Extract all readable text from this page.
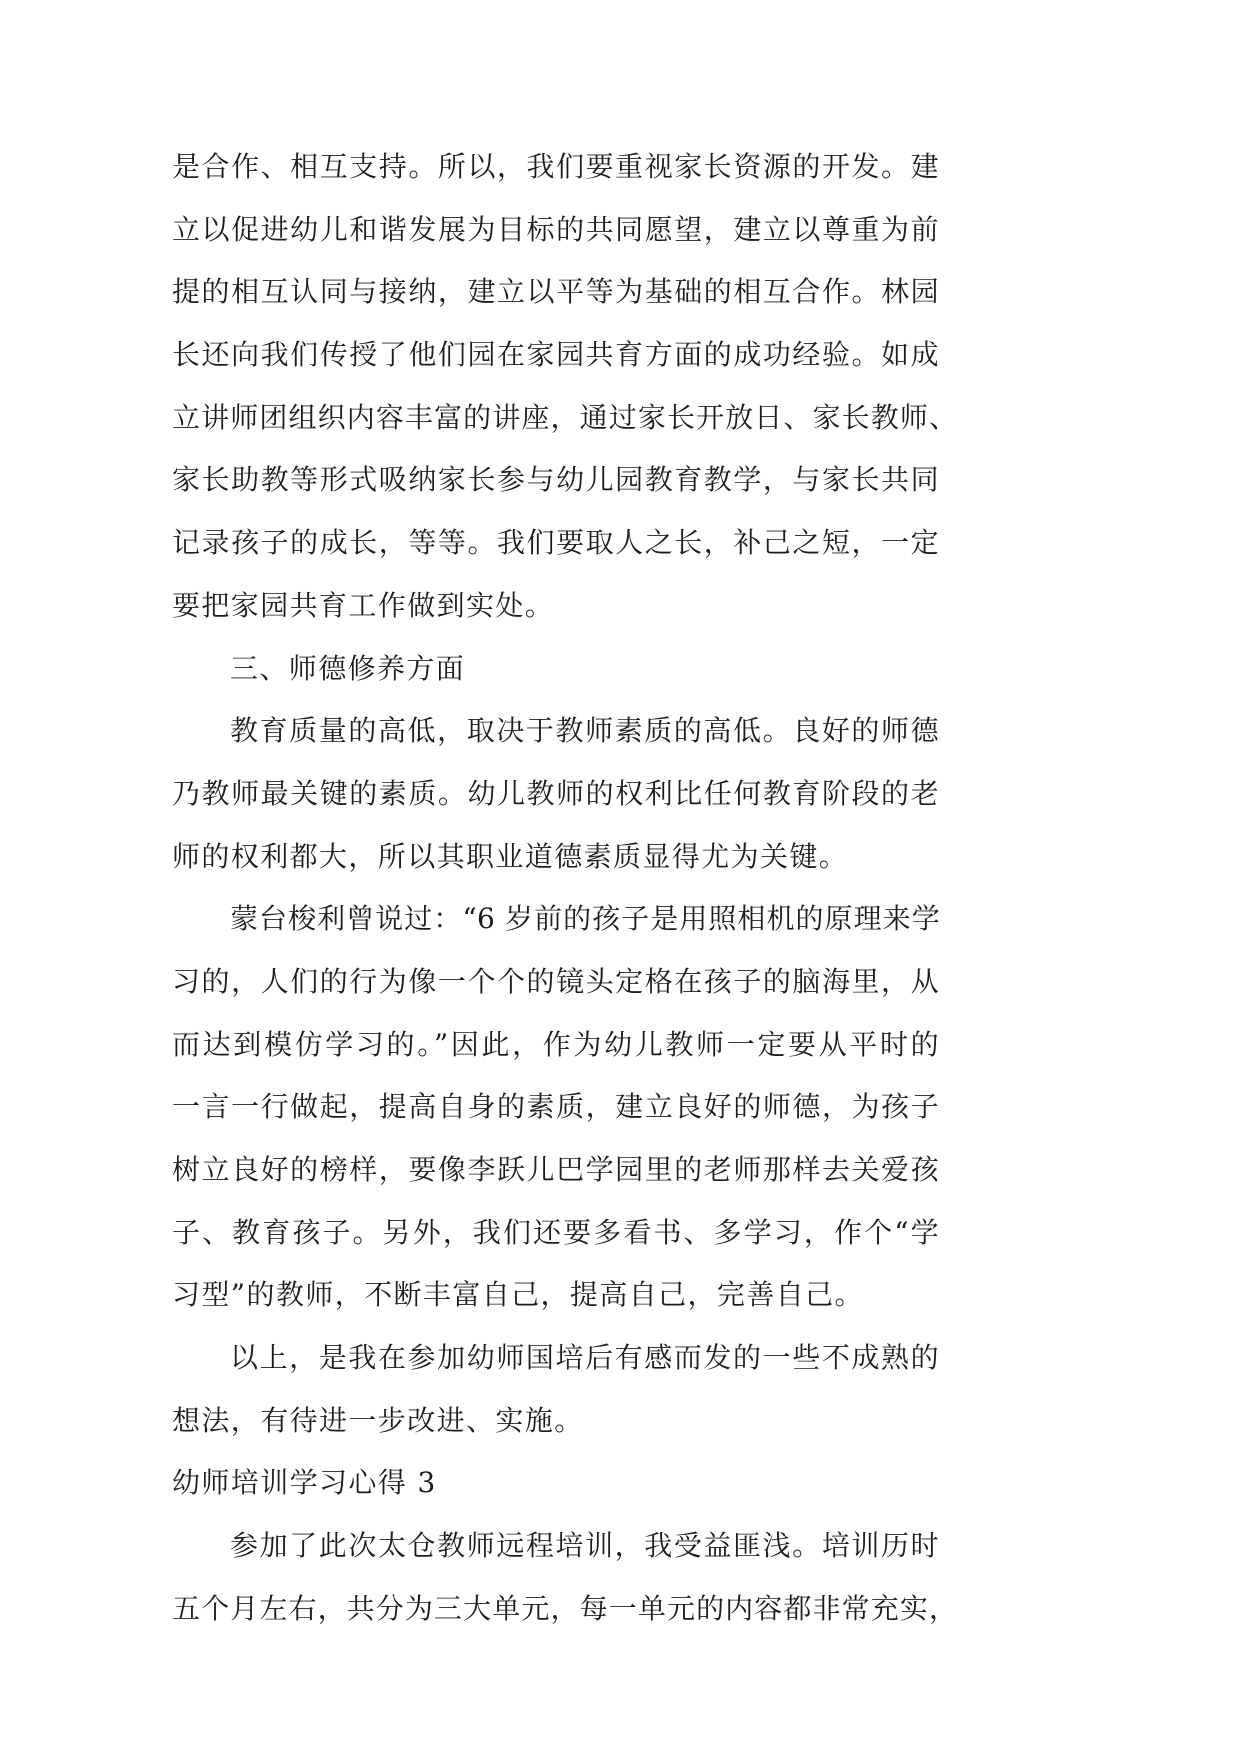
是合作、相互支持。所以，我们要重视家长资源的开发。建
立以促进幼儿和谐发展为目标的共同愿望，建立以尊重为前
提的相互认同与接纳，建立以平等为基础的相互合作。林园
长还向我们传授了他们园在家园共育方面的成功经验。如成
立讲师团组织内容丰富的讲座，通过家长开放日、家长教师、
家长助教等形式吸纳家长参与幼儿园教育教学，与家长共同
记录孩子的成长，等等。我们要取人之长，补己之短，一定
要把家园共育工作做到实处。
三、师德修养方面
教育质量的高低，取决于教师素质的高低。良好的师德
乃教师最关键的素质。幼儿教师的权利比任何教育阶段的老
师的权利都大，所以其职业道德素质显得尤为关键。
蒙台梭利曾说过：“6 岁前的孩子是用照相机的原理来学
习的，人们的行为像一个个的镜头定格在孩子的脑海里，从
而达到模仿学习的。”因此，作为幼儿教师一定要从平时的
一言一行做起，提高自身的素质，建立良好的师德，为孩子
树立良好的榜样，要像李跃儿巴学园里的老师那样去关爱孩
子、教育孩子。另外，我们还要多看书、多学习，作个“学
习型”的教师，不断丰富自己，提高自己，完善自己。
以上，是我在参加幼师国培后有感而发的一些不成熟的
想法，有待进一步改进、实施。
幼师培训学习心得 3
参加了此次太仓教师远程培训，我受益匪浅。培训历时
五个月左右，共分为三大单元，每一单元的内容都非常充实，
